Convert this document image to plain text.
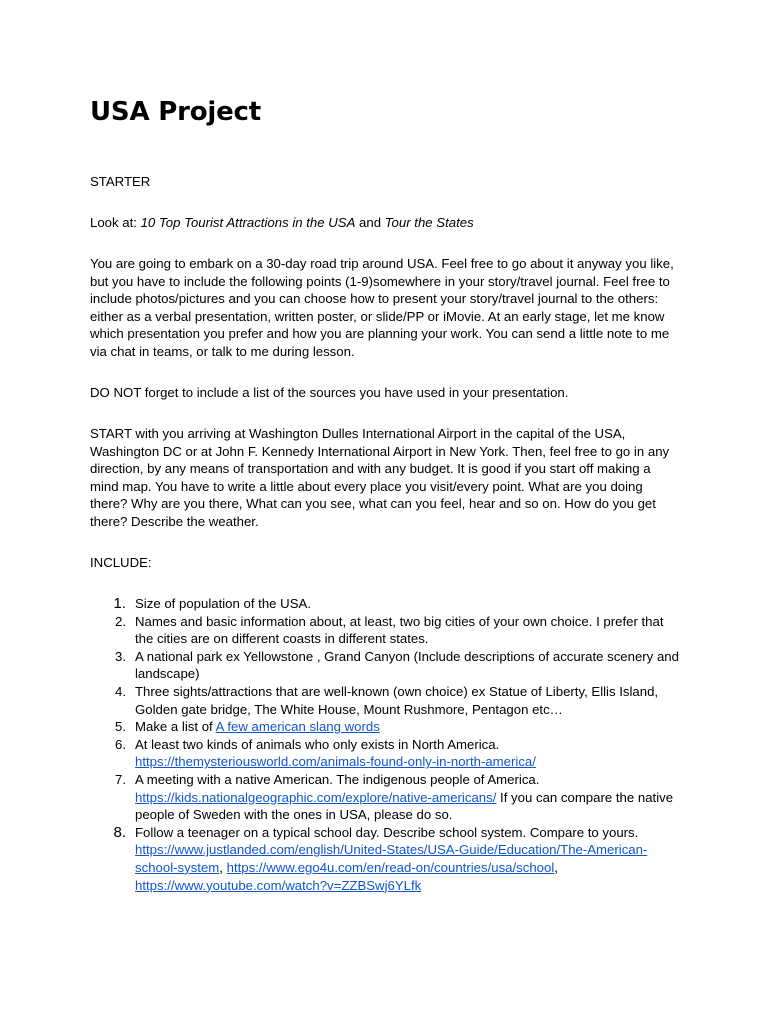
USA Project

STARTER

Look at: 10 Top Tourist Attractions in the USA and Tour the States

You are going to embark on a 30-day road trip around USA. Feel free to go about it anyway you like, but you have to include the following points (1-9)somewhere in your story/travel journal. Feel free to include photos/pictures and you can choose how to present your story/travel journal to the others: either as a verbal presentation, written poster, or slide/PP or iMovie. At an early stage, let me know which presentation you prefer and how you are planning your work. You can send a little note to me via chat in teams, or talk to me during lesson.

DO NOT forget to include a list of the sources you have used in your presentation.

START with you arriving at Washington Dulles International Airport in the capital of the USA, Washington DC or at John F. Kennedy International Airport in New York. Then, feel free to go in any direction, by any means of transportation and with any budget. It is good if you start off making a mind map. You have to write a little about every place you visit/every point. What are you doing there? Why are you there, What can you see, what can you feel, hear and so on. How do you get there? Describe the weather.

INCLUDE:

1. Size of population of the USA.
2. Names and basic information about, at least, two big cities of your own choice. I prefer that the cities are on different coasts in different states.
3. A national park ex Yellowstone , Grand Canyon (Include descriptions of accurate scenery and landscape)
4. Three sights/attractions that are well-known (own choice) ex Statue of Liberty, Ellis Island, Golden gate bridge, The White House, Mount Rushmore, Pentagon etc…
5. Make a list of A few american slang words
6. At least two kinds of animals who only exists in North America. https://themysteriousworld.com/animals-found-only-in-north-america/
7. A meeting with a native American. The indigenous people of America. https://kids.nationalgeographic.com/explore/native-americans/ If you can compare the native people of Sweden with the ones in USA, please do so.
8. Follow a teenager on a typical school day. Describe school system. Compare to yours. https://www.justlanded.com/english/United-States/USA-Guide/Education/The-American-school-system, https://www.ego4u.com/en/read-on/countries/usa/school, https://www.youtube.com/watch?v=ZZBSwj6YLfk
